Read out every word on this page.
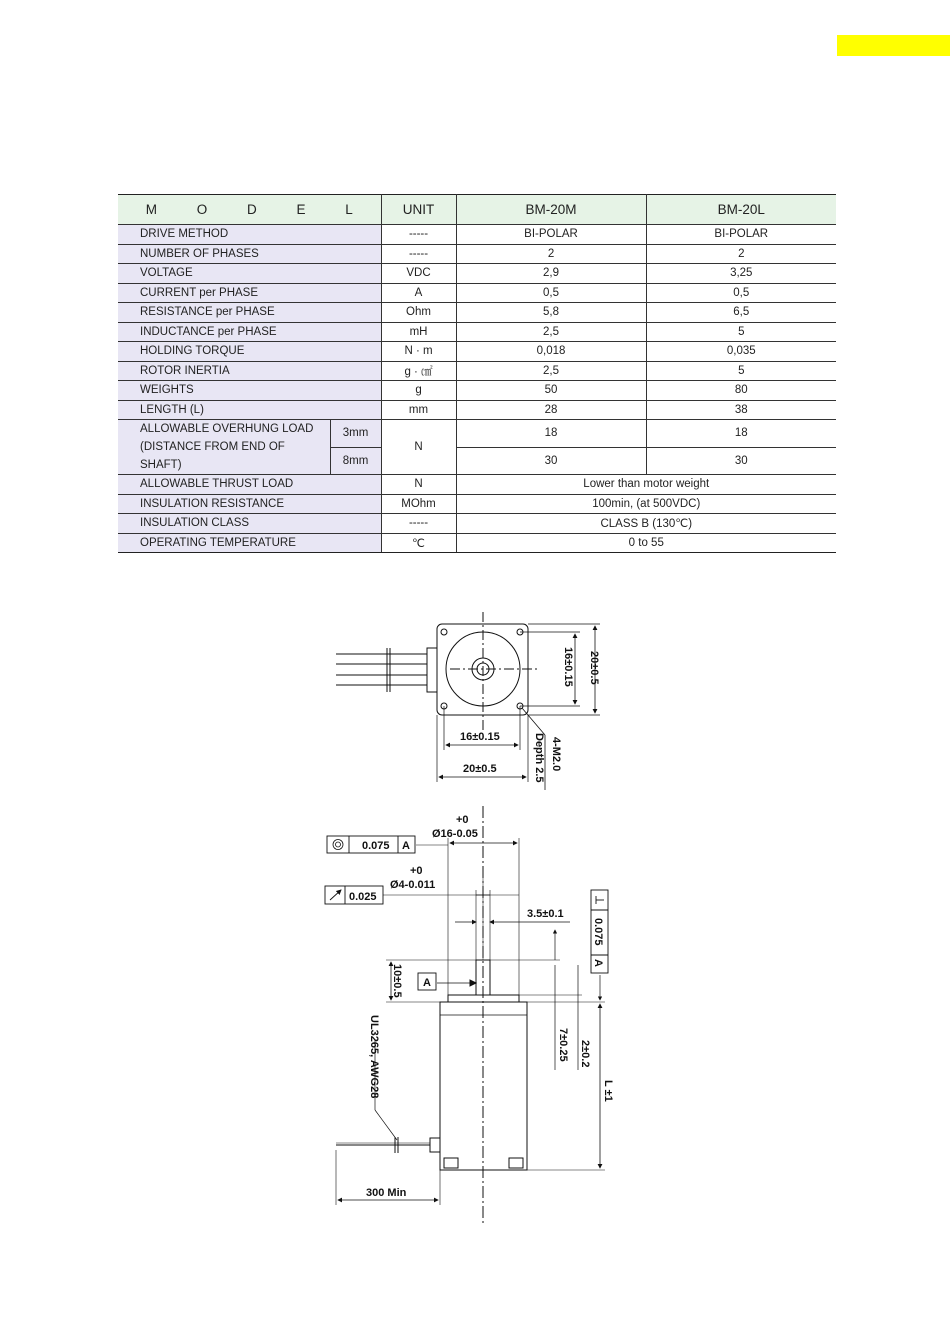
M O D E L		UNIT	BM-20M	BM-20L
DRIVE METHOD		-----	BI-POLAR	BI-POLAR
NUMBER OF PHASES		-----	2	2
VOLTAGE		VDC	2,9	3,25
CURRENT per PHASE		A	0,5	0,5
RESISTANCE per PHASE		Ohm	5,8	6,5
INDUCTANCE per PHASE		mH	2,5	5
HOLDING TORQUE		N · m	0,018	0,035
ROTOR INERTIA		g · ㎠	2,5	5
WEIGHTS		g	50	80
LENGTH (L)		mm	28	38

ALLOWABLE OVERHUNG LOAD
(DISTANCE FROM END OF SHAFT)	3mm	N	18	18
	8mm		30	30
ALLOWABLE THRUST LOAD		N	Lower than motor weight	
INSULATION RESISTANCE		MOhm	100min, (at 500VDC)	
INSULATION CLASS		-----	CLASS B (130℃)	
OPERATING TEMPERATURE		℃	0 to 55	
16±0.15 20±0.5
16±0.15
20±0.5	4-M2.0
Depth 2.5
+0
Ø16-0.05
0.075 A
+0
Ø4-0.011
0.025
3.5±0.1
0.075
A
A
10±0.5
UL3265, AWG28	7±0.25 2±0.2
L ±1
300 Min
